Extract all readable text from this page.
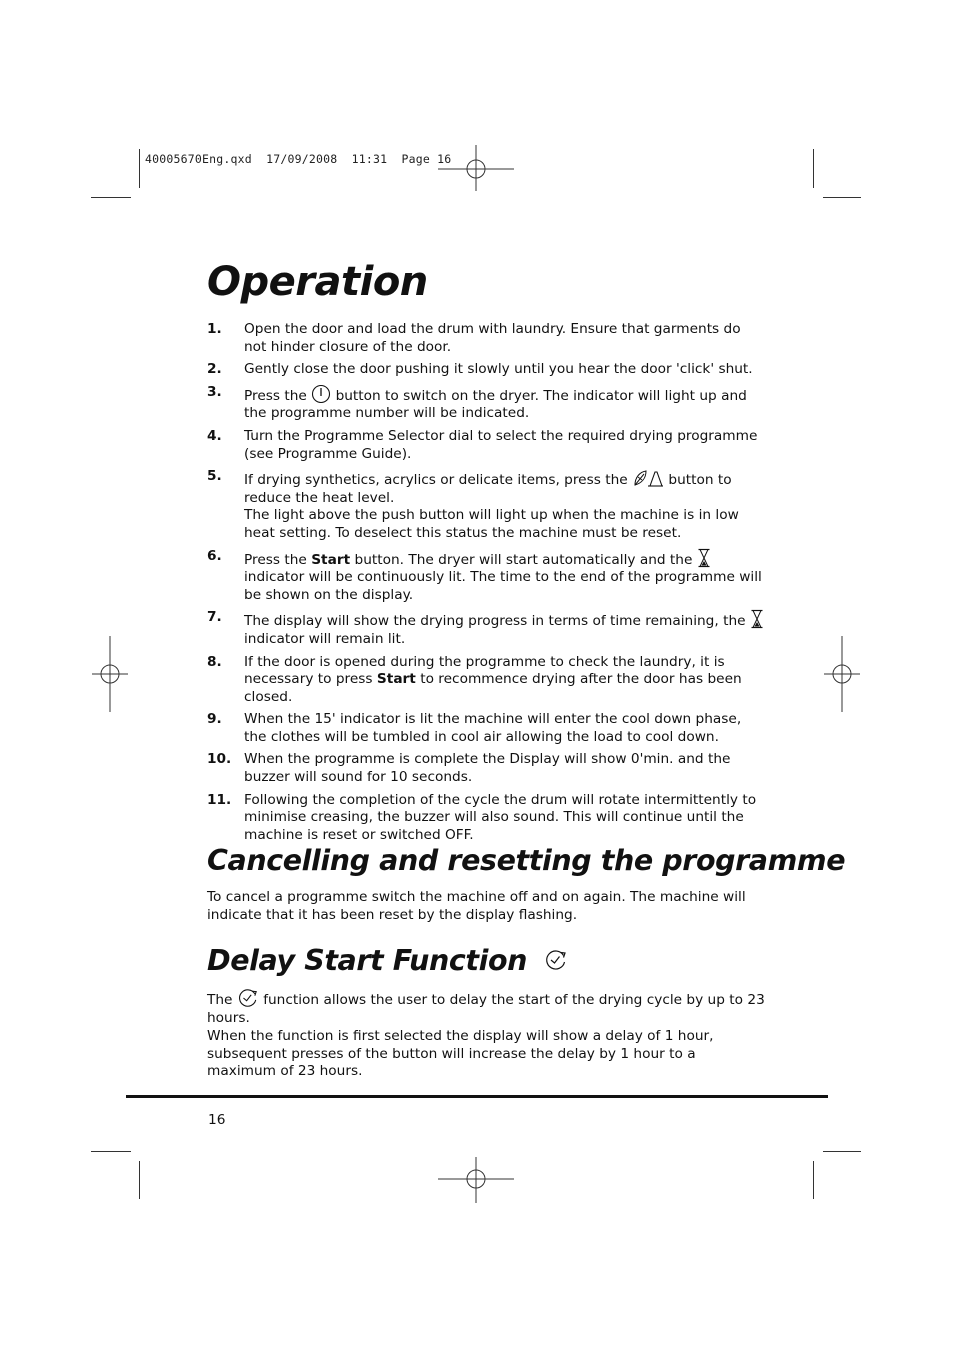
40005670Eng.qxd  17/09/2008  11:31  Page 16
Operation
1. Open the door and load the drum with laundry. Ensure that garments do not hinder closure of the door.
2. Gently close the door pushing it slowly until you hear the door 'click' shut.
3. Press the button to switch on the dryer. The indicator will light up and the programme number will be indicated.
4. Turn the Programme Selector dial to select the required drying programme (see Programme Guide).
5. If drying synthetics, acrylics or delicate items, press the	button to reduce the heat level.
The light above the push button will light up when the machine is in low heat setting. To deselect this status the machine must be reset.
6. Press the Start button. The dryer will start automatically and the  indicator will be continuously lit. The time to the end of the programme will be shown on the display.
7. The display will show the drying progress in terms of time remaining, the  indicator will remain lit.
8. If the door is opened during the programme to check the laundry, it is necessary to press Start to recommence drying after the door has been closed.
9. When the 15' indicator is lit the machine will enter the cool down phase, the clothes will be tumbled in cool air allowing the load to cool down.
10. When the programme is complete the Display will show 0'min. and the buzzer will sound for 10 seconds.
11. Following the completion of the cycle the drum will rotate intermittently to minimise creasing, the buzzer will also sound. This will continue until the machine is reset or switched OFF.
Cancelling and resetting the programme

To cancel a programme switch the machine off and on again. The machine will indicate that it has been reset by the display flashing.

Delay Start Function

The function allows the user to delay the start of the drying cycle by up to 23 hours.

When the function is first selected the display will show a delay of 1 hour, subsequent presses of the button will increase the delay by 1 hour to a maximum of 23 hours.

16
